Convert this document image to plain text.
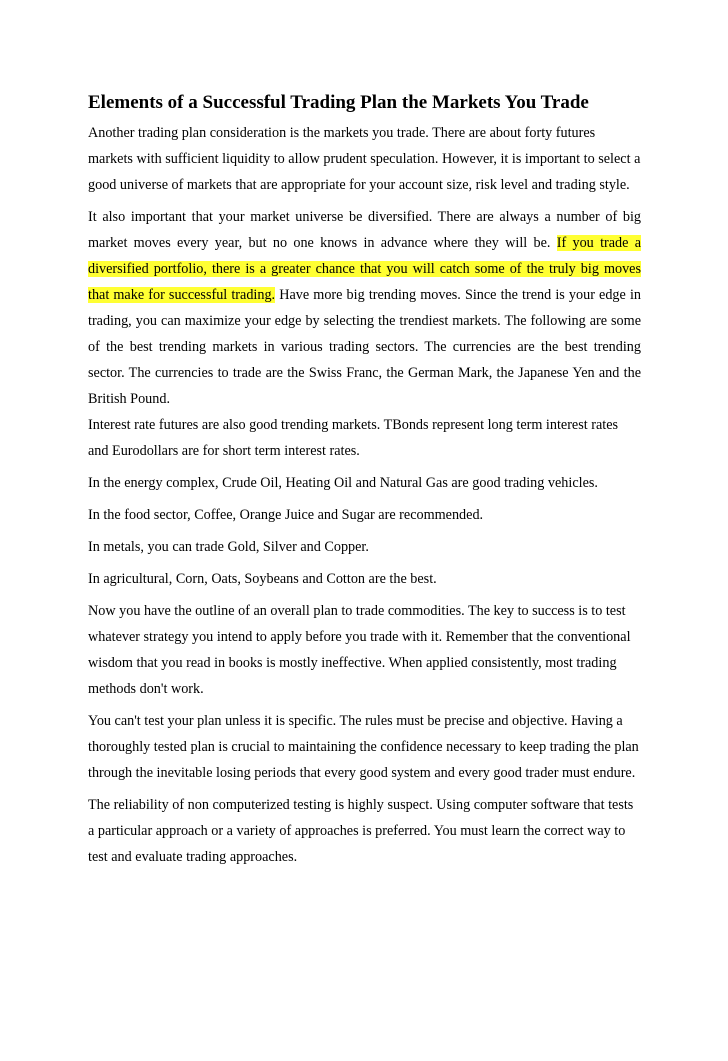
Elements of a Successful Trading Plan the Markets You Trade

Another trading plan consideration is the markets you trade. There are about forty futures markets with sufficient liquidity to allow prudent speculation. However, it is important to select a good universe of markets that are appropriate for your account size, risk level and trading style.

It also important that your market universe be diversified. There are always a number of big market moves every year, but no one knows in advance where they will be. If you trade a diversified portfolio, there is a greater chance that you will catch some of the truly big moves that make for successful trading. Have more big trending moves. Since the trend is your edge in trading, you can maximize your edge by selecting the trendiest markets. The following are some of the best trending markets in various trading sectors. The currencies are the best trending sector. The currencies to trade are the Swiss Franc, the German Mark, the Japanese Yen and the British Pound.

Interest rate futures are also good trending markets. TBonds represent long term interest rates and Eurodollars are for short term interest rates.

In the energy complex, Crude Oil, Heating Oil and Natural Gas are good trading vehicles.

In the food sector, Coffee, Orange Juice and Sugar are recommended.

In metals, you can trade Gold, Silver and Copper.

In agricultural, Corn, Oats, Soybeans and Cotton are the best.

Now you have the outline of an overall plan to trade commodities. The key to success is to test whatever strategy you intend to apply before you trade with it. Remember that the conventional wisdom that you read in books is mostly ineffective. When applied consistently, most trading methods don't work.

You can't test your plan unless it is specific. The rules must be precise and objective. Having a thoroughly tested plan is crucial to maintaining the confidence necessary to keep trading the plan through the inevitable losing periods that every good system and every good trader must endure.

The reliability of non computerized testing is highly suspect. Using computer software that tests a particular approach or a variety of approaches is preferred. You must learn the correct way to test and evaluate trading approaches.
